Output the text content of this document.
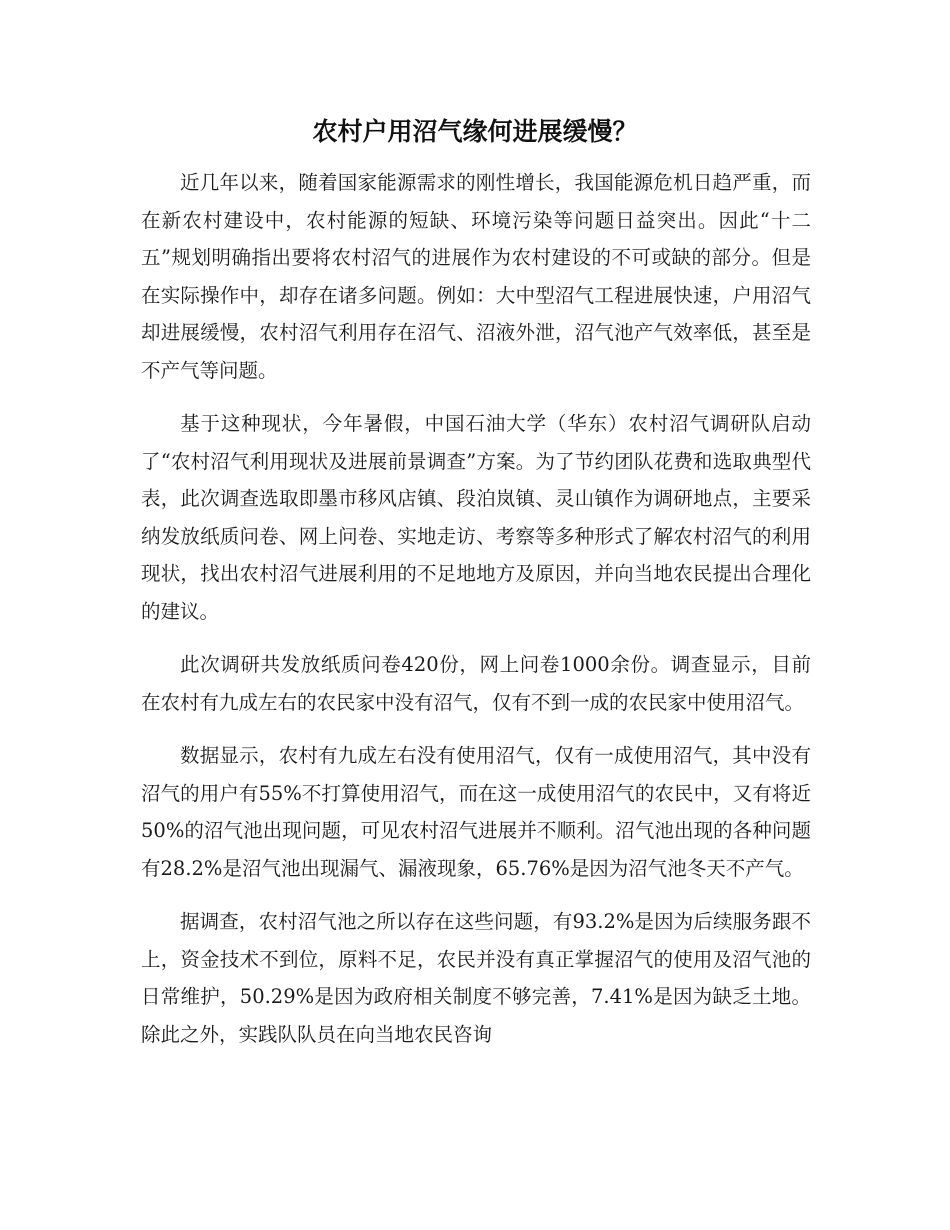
农村户用沼气缘何进展缓慢？

近几年以来，随着国家能源需求的刚性增长，我国能源危机日趋严重，而在新农村建设中，农村能源的短缺、环境污染等问题日益突出。因此“十二五”规划明确指出要将农村沼气的进展作为农村建设的不可或缺的部分。但是在实际操作中，却存在诸多问题。例如：大中型沼气工程进展快速，户用沼气却进展缓慢，农村沼气利用存在沼气、沼液外泄，沼气池产气效率低，甚至是不产气等问题。

基于这种现状，今年暑假，中国石油大学（华东）农村沼气调研队启动了“农村沼气利用现状及进展前景调查”方案。为了节约团队花费和选取典型代表，此次调查选取即墨市移风店镇、段泊岚镇、灵山镇作为调研地点，主要采纳发放纸质问卷、网上问卷、实地走访、考察等多种形式了解农村沼气的利用现状，找出农村沼气进展利用的不足地地方及原因，并向当地农民提出合理化的建议。

此次调研共发放纸质问卷420份，网上问卷1000余份。调查显示，目前在农村有九成左右的农民家中没有沼气，仅有不到一成的农民家中使用沼气。

数据显示，农村有九成左右没有使用沼气，仅有一成使用沼气，其中没有沼气的用户有55%不打算使用沼气，而在这一成使用沼气的农民中，又有将近50%的沼气池出现问题，可见农村沼气进展并不顺利。沼气池出现的各种问题有28.2%是沼气池出现漏气、漏液现象，65.76%是因为沼气池冬天不产气。

据调查，农村沼气池之所以存在这些问题，有93.2%是因为后续服务跟不上，资金技术不到位，原料不足，农民并没有真正掌握沼气的使用及沼气池的日常维护，50.29%是因为政府相关制度不够完善，7.41%是因为缺乏土地。除此之外，实践队队员在向当地农民咨询
